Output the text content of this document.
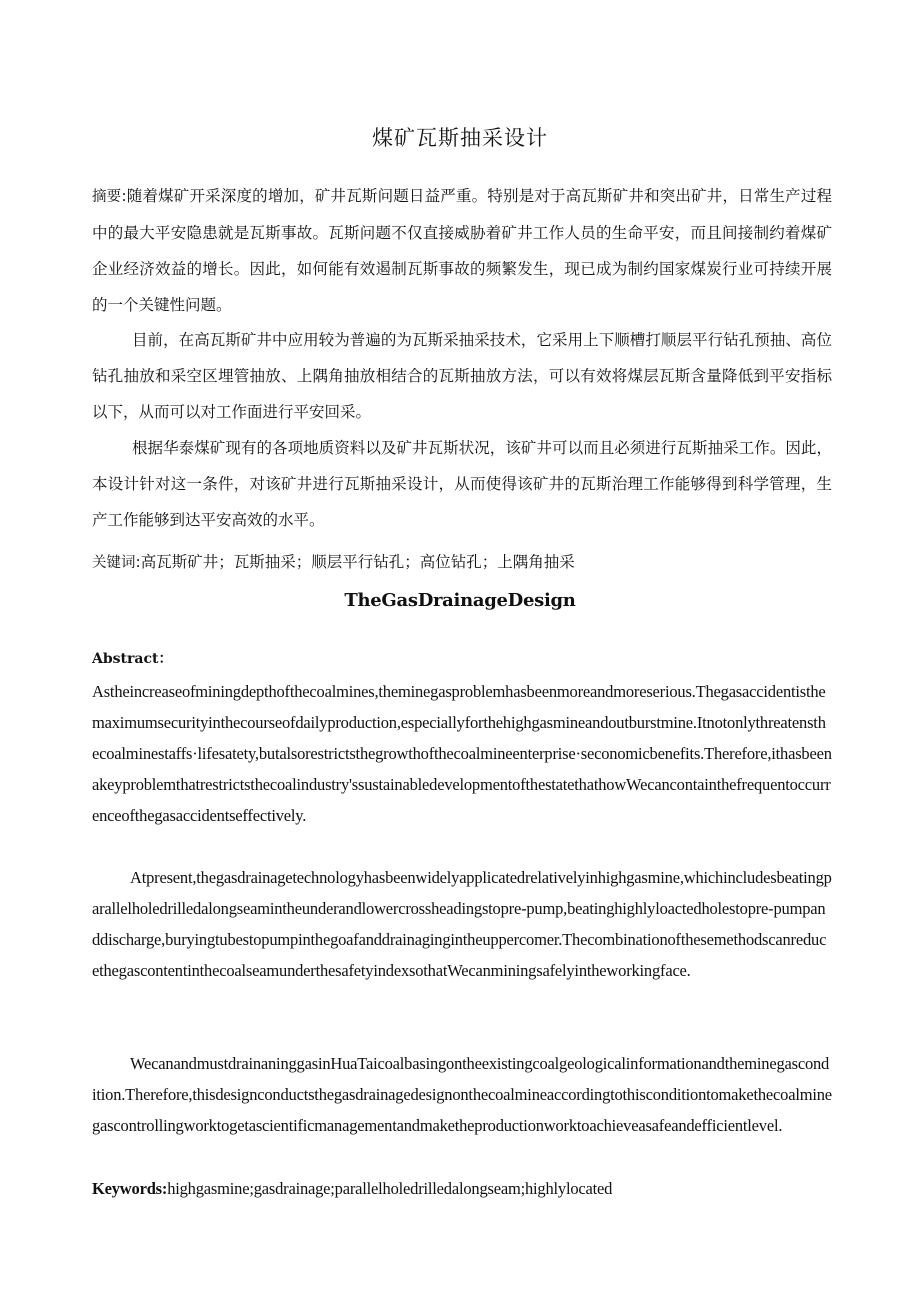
煤矿瓦斯抽采设计
摘要:随着煤矿开采深度的增加，矿井瓦斯问题日益严重。特别是对于高瓦斯矿井和突出矿井，日常生产过程中的最大平安隐患就是瓦斯事故。瓦斯问题不仅直接威胁着矿井工作人员的生命平安，而且间接制约着煤矿企业经济效益的增长。因此，如何能有效遏制瓦斯事故的频繁发生，现已成为制约国家煤炭行业可持续开展的一个关键性问题。
目前，在高瓦斯矿井中应用较为普遍的为瓦斯采抽采技术，它采用上下顺槽打顺层平行钻孔预抽、高位钻孔抽放和采空区埋管抽放、上隅角抽放相结合的瓦斯抽放方法，可以有效将煤层瓦斯含量降低到平安指标以下，从而可以对工作面进行平安回采。
根据华泰煤矿现有的各项地质资料以及矿井瓦斯状况，该矿井可以而且必须进行瓦斯抽采工作。因此，本设计针对这一条件，对该矿井进行瓦斯抽采设计，从而使得该矿井的瓦斯治理工作能够得到科学管理，生产工作能够到达平安高效的水平。
关键词:高瓦斯矿井；瓦斯抽采；顺层平行钻孔；高位钻孔；上隅角抽采
TheGasDrainageDesign
Abstract：
Astheincreaseofminingdepthofthecoalmines,theminegasproblemhasbeenmoreandmoreserious.Thegasaccidentisthemaximumsecurityinthecourseofdailyproduction,especiallyforthehighgasmineandoutburstmine.Itnotonlythreatensthecoalminestaffs·lifesatety,butalsorestrictsthegrowthofthecoalmineenterprise·seconomicbenefits.Therefore,ithasbeenakeyproblemthatrestrictsthecoalindustry'ssustainabledevelopmentofthestatethathowWecancontainthefrequentoccurrenceofthegasaccidentseffectively.
Atpresent,thegasdrainagetechnologyhasbeenwidelyapplicatedrelativelyinhighgasmine,whichincludesbeatingparallelholedrilledalongseamintheunderandlowercrossheadingstopre-pump,beatinghighlyloactedholestopre-pumpanddischarge,buryingtubestopumpinthegoafanddrainagingintheuppercomer.ThecombinationofthesemethodscanreducethegascontentinthecoalseamunderthesafetyindexsothatWecanminingsafelyintheworkingface.
WecanandmustdrainaninggasinHuaTaicoalbasingontheexistingcoalgeologicalinformationandtheminegascondition.Therefore,thisdesignconductsthegasdrainagedesignonthecoalmineaccordingtothisconditiontomakethecoalminegascontrollingworktogetascientificmanagementandmaketheproductionworktoachieveasafeandefficientlevel.
Keywords:highgasmine;gasdrainage;parallelholedrilledalongseam;highlylocated
